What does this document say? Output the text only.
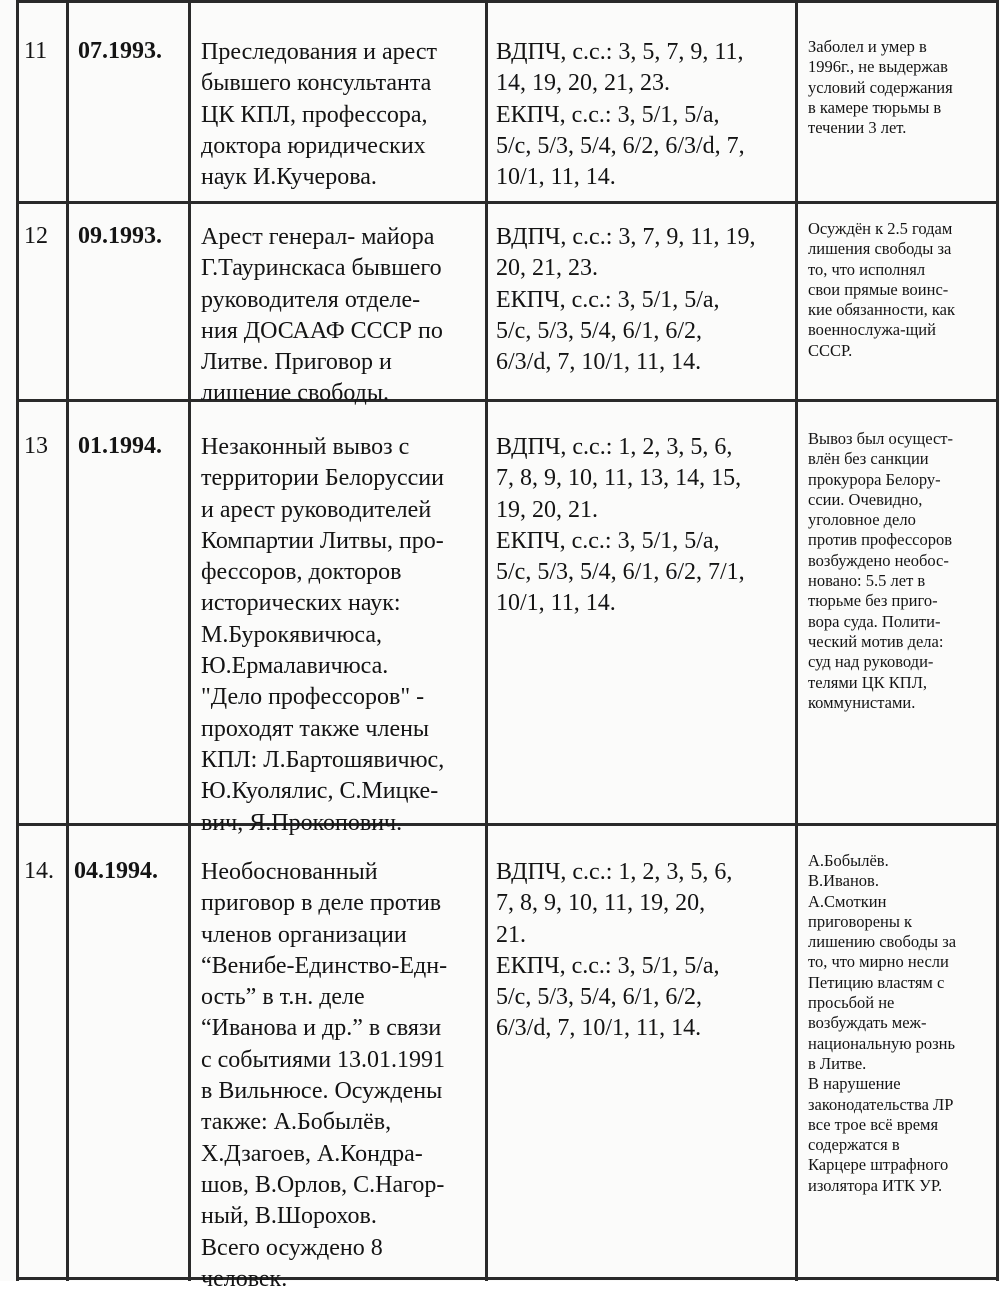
11 07.1993. Преследования и арест
бывшего консультанта
ЦК КПЛ, профессора,
доктора юридических
наук И.Кучерова.
ВДПЧ, с.с.: 3, 5, 7, 9, 11,
14, 19, 20, 21, 23.
ЕКПЧ, с.с.: 3, 5/1, 5/a,
5/c, 5/3, 5/4, 6/2, 6/3/d, 7,
10/1, 11, 14.
Заболел и умер в
1996г., не выдержав
условий содержания
в камере тюрьмы в
течении 3 лет.
12 09.1993. Арест генерал- майора
Г.Тауринскаса бывшего
руководителя отделе-
ния ДОСААФ СССР по
Литве. Приговор и
лишение свободы.
ВДПЧ, с.с.: 3, 7, 9, 11, 19,
20, 21, 23.
ЕКПЧ, с.с.: 3, 5/1, 5/a,
5/c, 5/3, 5/4, 6/1, 6/2,
6/3/d, 7, 10/1, 11, 14.
Осуждён к 2.5 годам
лишения свободы за
то, что исполнял
свои прямые воинс-
кие обязанности, как
военнослужа-щий
СССР.
13 01.1994. Незаконный вывоз с
территории Белоруссии
и арест руководителей
Компартии Литвы, про-
фессоров, докторов
исторических наук:
М.Бурокявичюса,
Ю.Ермалавичюса.
"Дело профессоров" -
проходят также члены
КПЛ: Л.Бартошявичюс,
Ю.Куолялис, С.Мицке-
вич, Я.Прокопович.
ВДПЧ, с.с.: 1, 2, 3, 5, 6,
7, 8, 9, 10, 11, 13, 14, 15,
19, 20, 21.
ЕКПЧ, с.с.: 3, 5/1, 5/a,
5/c, 5/3, 5/4, 6/1, 6/2, 7/1,
10/1, 11, 14.
Вывоз был осущест-
влён без санкции
прокурора Белору-
ссии. Очевидно,
уголовное дело
против профессоров
возбуждено необос-
новано: 5.5 лет в
тюрьме без приго-
вора суда. Полити-
ческий мотив дела:
суд над руководи-
телями ЦК КПЛ,
коммунистами.
14. 04.1994. Необоснованный
приговор в деле против
членов организации
“Венибе-Единство-Едн-
ость” в т.н. деле
“Иванова и др.” в связи
с событиями 13.01.1991
в Вильнюсе. Осуждены
также: А.Бобылёв,
Х.Дзагоев, А.Кондра-
шов, В.Орлов, С.Нагор-
ный, В.Шорохов.
Всего осуждено 8
человек.
ВДПЧ, с.с.: 1, 2, 3, 5, 6,
7, 8, 9, 10, 11, 19, 20,
21.
ЕКПЧ, с.с.: 3, 5/1, 5/a,
5/c, 5/3, 5/4, 6/1, 6/2,
6/3/d, 7, 10/1, 11, 14.
А.Бобылёв.
В.Иванов.
А.Смоткин
приговорены к
лишению свободы за
то, что мирно несли
Петицию властям с
просьбой не
возбуждать меж-
национальную рознь
в Литве.
В нарушение
законодательства ЛР
все трое всё время
содержатся в
Карцере штрафного
изолятора ИТК УР.
